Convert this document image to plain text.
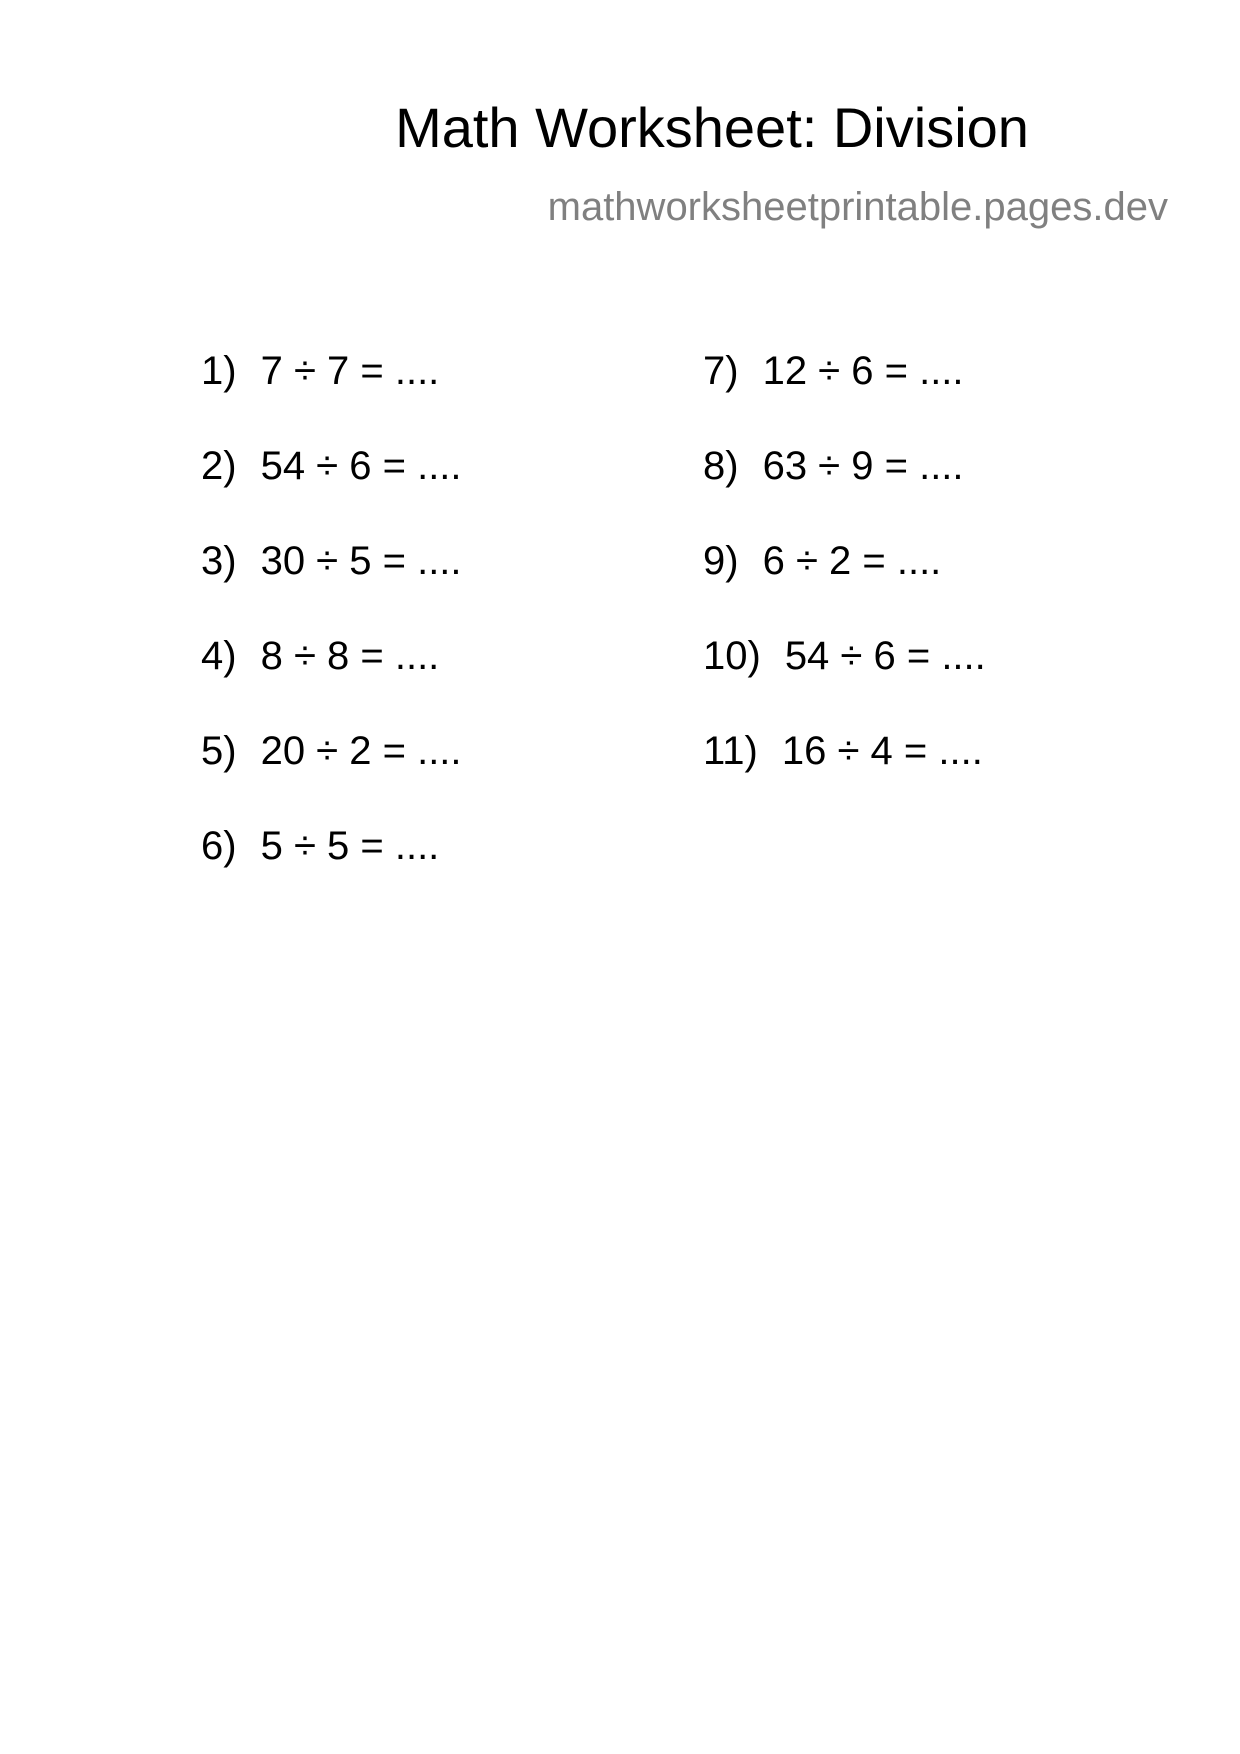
Math Worksheet: Division
mathworksheetprintable.pages.dev
1) 7 ÷ 7 = ....
2) 54 ÷ 6 = ....
3) 30 ÷ 5 = ....
4) 8 ÷ 8 = ....
5) 20 ÷ 2 = ....
6) 5 ÷ 5 = ....
7) 12 ÷ 6 = ....
8) 63 ÷ 9 = ....
9) 6 ÷ 2 = ....
10) 54 ÷ 6 = ....
11) 16 ÷ 4 = ....
